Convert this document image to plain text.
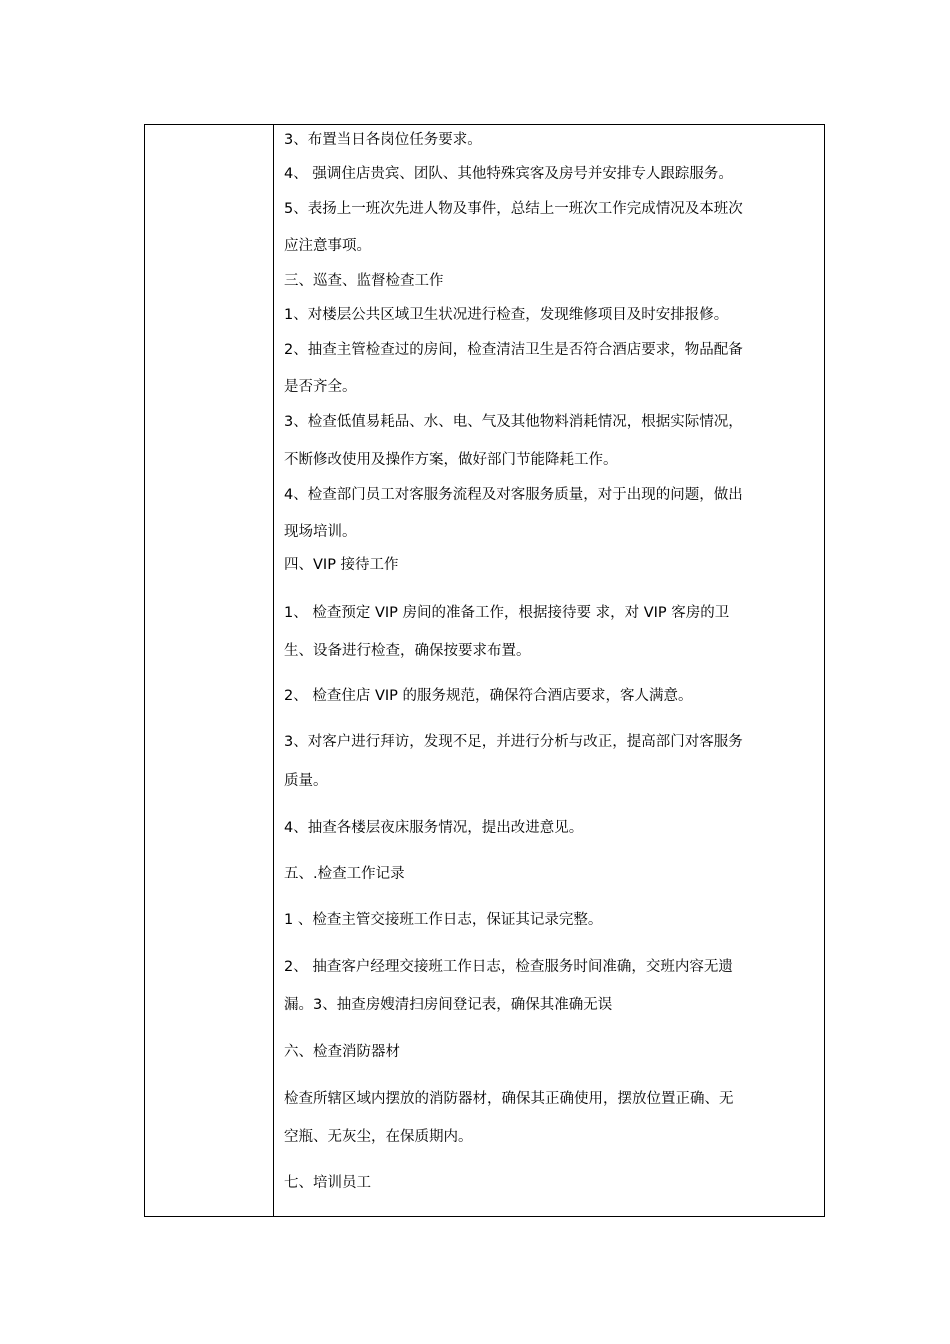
3、布置当日各岗位任务要求。
4、 强调住店贵宾、团队、其他特殊宾客及房号并安排专人跟踪服务。
5、表扬上一班次先进人物及事件，总结上一班次工作完成情况及本班次
应注意事项。
三、巡查、监督检查工作
1、对楼层公共区域卫生状况进行检查，发现维修项目及时安排报修。
2、抽查主管检查过的房间，检查清洁卫生是否符合酒店要求，物品配备
是否齐全。
3、检查低值易耗品、水、电、气及其他物料消耗情况，根据实际情况，
不断修改使用及操作方案，做好部门节能降耗工作。
4、检查部门员工对客服务流程及对客服务质量，对于出现的问题，做出
现场培训。
四、VIP 接待工作
1、 检查预定 VIP 房间的准备工作，根据接待要 求，对 VIP 客房的卫
生、设备进行检查，确保按要求布置。
2、 检查住店 VIP 的服务规范，确保符合酒店要求，客人满意。
3、对客户进行拜访，发现不足，并进行分析与改正，提高部门对客服务
质量。
4、抽查各楼层夜床服务情况，提出改进意见。
五、.检查工作记录
1 、检查主管交接班工作日志，保证其记录完整。
2、 抽查客户经理交接班工作日志，检查服务时间准确，交班内容无遗
漏。3、抽查房嫂清扫房间登记表，确保其准确无误
六、检查消防器材
检查所辖区域内摆放的消防器材，确保其正确使用，摆放位置正确、无
空瓶、无灰尘，在保质期内。
七、培训员工
